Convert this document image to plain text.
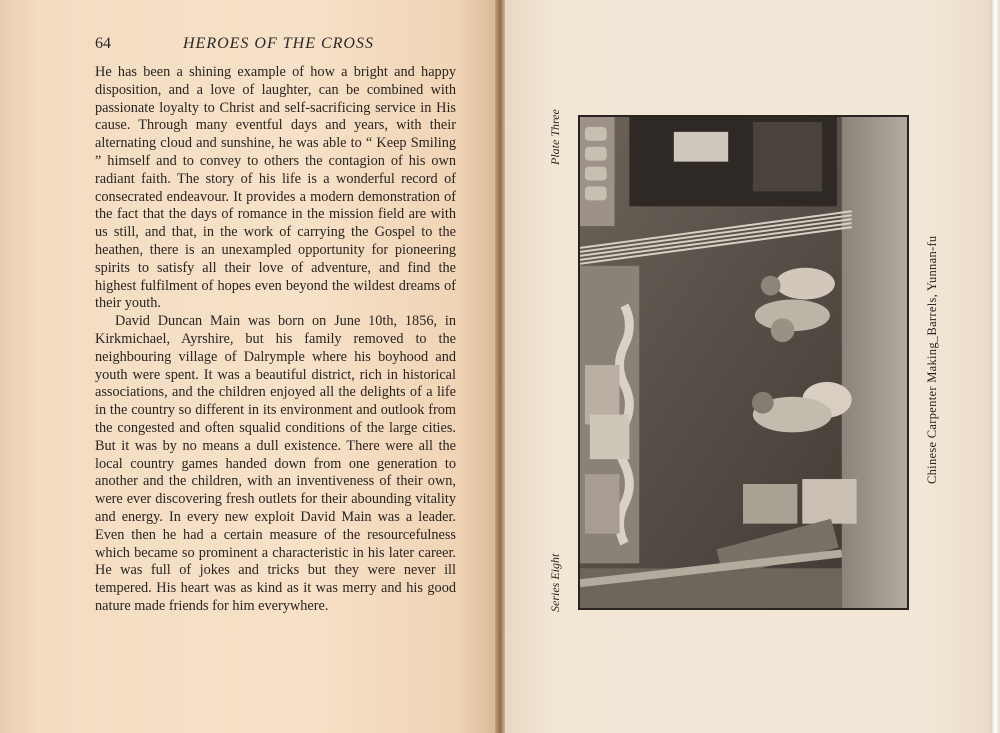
64	HEROES OF THE CROSS

He has been a shining example of how a bright and happy disposition, and a love of laughter, can be combined with passionate loyalty to Christ and self-sacrificing service in His cause. Through many eventful days and years, with their alternating cloud and sunshine, he was able to “ Keep Smiling ” himself and to convey to others the contagion of his own radiant faith. The story of his life is a wonderful record of consecrated endeavour. It provides a modern demonstration of the fact that the days of romance in the mission field are with us still, and that, in the work of carrying the Gospel to the heathen, there is an unexampled opportunity for pioneering spirits to satisfy all their love of adventure, and find the highest fulfilment of hopes even beyond the wildest dreams of their youth.

David Duncan Main was born on June 10th, 1856, in Kirkmichael, Ayrshire, but his family removed to the neighbouring village of Dalrymple where his boyhood and youth were spent. It was a beautiful district, rich in historical associations, and the children enjoyed all the delights of a life in the country so different in its environment and outlook from the congested and often squalid conditions of the large cities. But it was by no means a dull existence. There were all the local country games handed down from one generation to another and the children, with an inventiveness of their own, were ever discovering fresh outlets for their abounding vitality and energy. In every new exploit David Main was a leader. Even then he had a certain measure of the resourcefulness which became so prominent a characteristic in his later career. He was full of jokes and tricks but they were never ill tempered. His heart was as kind as it was merry and his good nature made friends for him everywhere.

Plate Three
Series Eight
Chinese Carpenter Making_Barrels, Yunnan-fu
